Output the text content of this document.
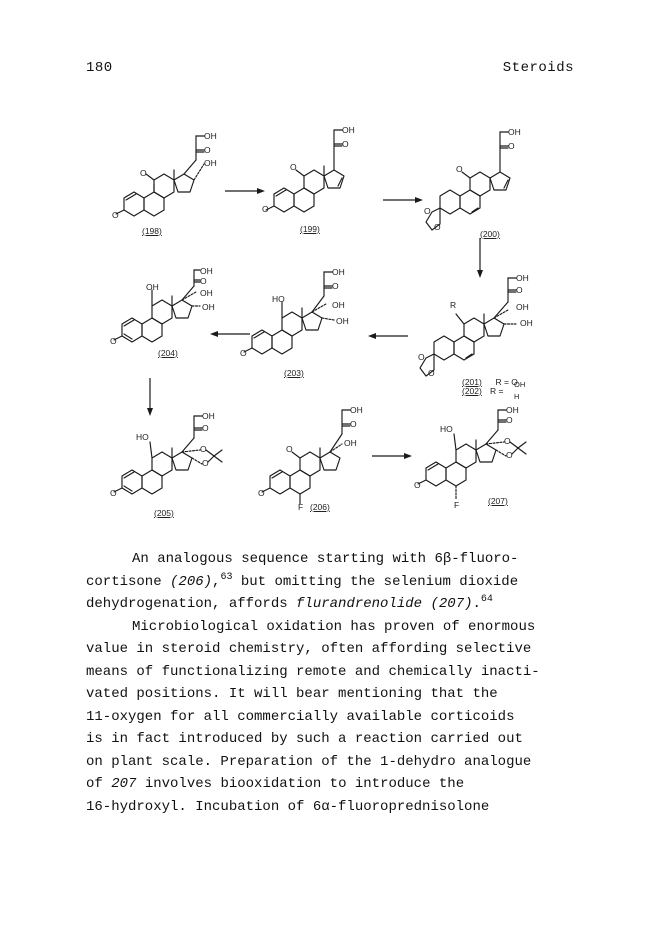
180	Steroids
O
O
OH
O
OH
(198)
O
O
OH
O
(199)
O
O
O
OH
O
(200)
O
OH
OH
O
OH
OH
(204)	O
HO
OH
O
OH
OH
(203)
R
O
O
OH
O
OH
OH
(201) R = O
(202) R =
OH
H
O
HO
OH
O
O
O
(205)
O
O
OH
O
OH
F (206)
O
HO
OH
O
O
O
F	(207)

An analogous sequence starting with 6β-fluoro-
cortisone (206),$^{63}$ but omitting the selenium dioxide
dehydrogenation, affords flurandrenolide (207).$^{64}$

Microbiological oxidation has proven of enormous
value in steroid chemistry, often affording selective
means of functionalizing remote and chemically inacti-
vated positions. It will bear mentioning that the
11-oxygen for all commercially available corticoids
is in fact introduced by such a reaction carried out
on plant scale. Preparation of the 1-dehydro analogue
of 207 involves biooxidation to introduce the
16-hydroxyl. Incubation of 6α-fluoroprednisolone
